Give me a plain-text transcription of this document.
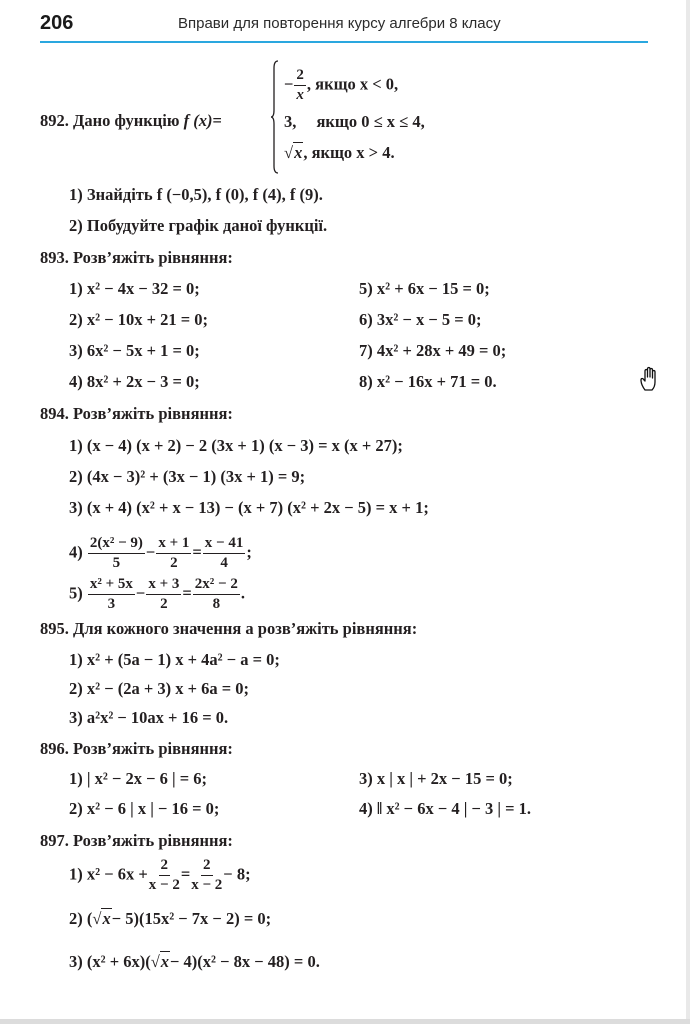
206	Вправи для повторення курсу алгебри 8 класу
892. Дано функцію f (x)=
− $\frac{2}{x}$ , якщо x < 0,
3, якщо 0 ≤ x ≤ 4,
√x, якщо x > 4.
1) Знайдіть f (−0,5), f (0), f (4), f (9).
2) Побудуйте графік даної функції.
893. Розв’яжіть рівняння:
1) x² − 4x − 32 = 0;
2) x² − 10x + 21 = 0;
3) 6x² − 5x + 1 = 0;
4) 8x² + 2x − 3 = 0;
5) x² + 6x − 15 = 0;
6) 3x² − x − 5 = 0;
7) 4x² + 28x + 49 = 0;
8) x² − 16x + 71 = 0.
894. Розв’яжіть рівняння:
1) (x − 4) (x + 2) − 2 (3x + 1) (x − 3) = x (x + 27);
2) (4x − 3)² + (3x − 1) (3x + 1) = 9;
3) (x + 4) (x² + x − 13) − (x + 7) (x² + 2x − 5) = x + 1;
$4) \frac{\text{2(x² − 9)}}{5} - \frac{x + 1}{2} = \frac{x - 41}{4}$ ;
$5) \frac{\text{x² + 5x}}{3} - \frac{x + 3}{2} = \frac{\text{2x² − 2}}{8}$ .
895. Для кожного значення a розв’яжіть рівняння:
1) x² + (5a − 1) x + 4a² − a = 0;
2) x² − (2a + 3) x + 6a = 0;
3) a²x² − 10ax + 16 = 0.
896. Розв’яжіть рівняння:
1) | x² − 2x − 6 | = 6;
2) x² − 6 | x | − 16 = 0;
3) x | x | + 2x − 15 = 0;
4) ‖ x² − 6x − 4 | − 3 | = 1.
897. Розв’яжіть рівняння:
1) $x^2 - 6x + \frac{2}{x - 2} = \frac{2}{x - 2} - 8$;
2) (√x− 5)(15x² − 7x − 2) = 0;
3) (x² + 6x)(√x− 4)(x² − 8x − 48) = 0.
